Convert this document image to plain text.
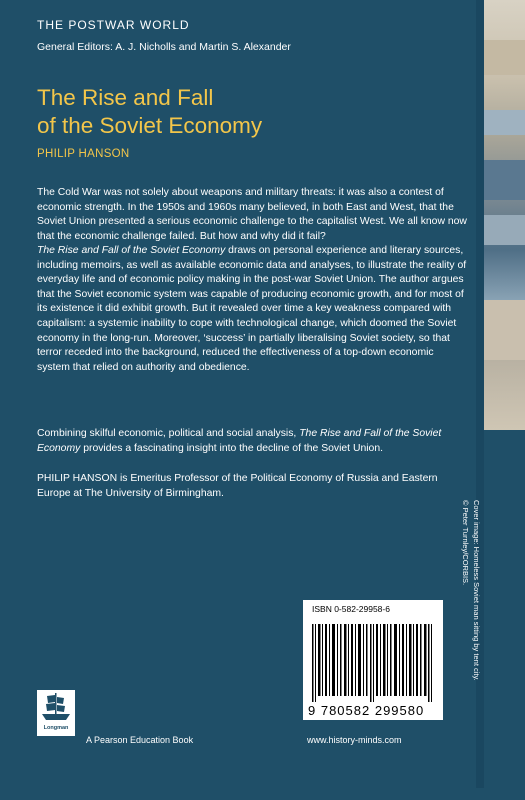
THE POSTWAR WORLD
General Editors: A. J. Nicholls and Martin S. Alexander
The Rise and Fall
of the Soviet Economy
PHILIP HANSON

The Cold War was not solely about weapons and military threats: it was also a contest of economic strength. In the 1950s and 1960s many believed, in both East and West, that the Soviet Union presented a serious economic challenge to the capitalist West. We all know now that the economic challenge failed. But how and why did it fail?

The Rise and Fall of the Soviet Economy draws on personal experience and literary sources, including memoirs, as well as available economic data and analyses, to illustrate the reality of everyday life and of economic policy making in the post-war Soviet Union. The author argues that the Soviet economic system was capable of producing economic growth, and for most of its existence it did exhibit growth. But it revealed over time a key weakness compared with capitalism: a systemic inability to cope with technological change, which doomed the Soviet economy in the long-run. Moreover, ‘success’ in partially liberalising Soviet society, so that terror receded into the background, reduced the effectiveness of a top-down economic system that relied on authority and obedience.

Combining skilful economic, political and social analysis, The Rise and Fall of the Soviet Economy provides a fascinating insight into the decline of the Soviet Union.

PHILIP HANSON is Emeritus Professor of the Political Economy of Russia and Eastern Europe at The University of Birmingham.

Cover image: Homeless Soviet man sitting by tent city.
© Peter Turnley/CORBIS.
ISBN 0-582-29958-6
9 780582 299580
Longman
A Pearson Education Book	www.history-minds.com
